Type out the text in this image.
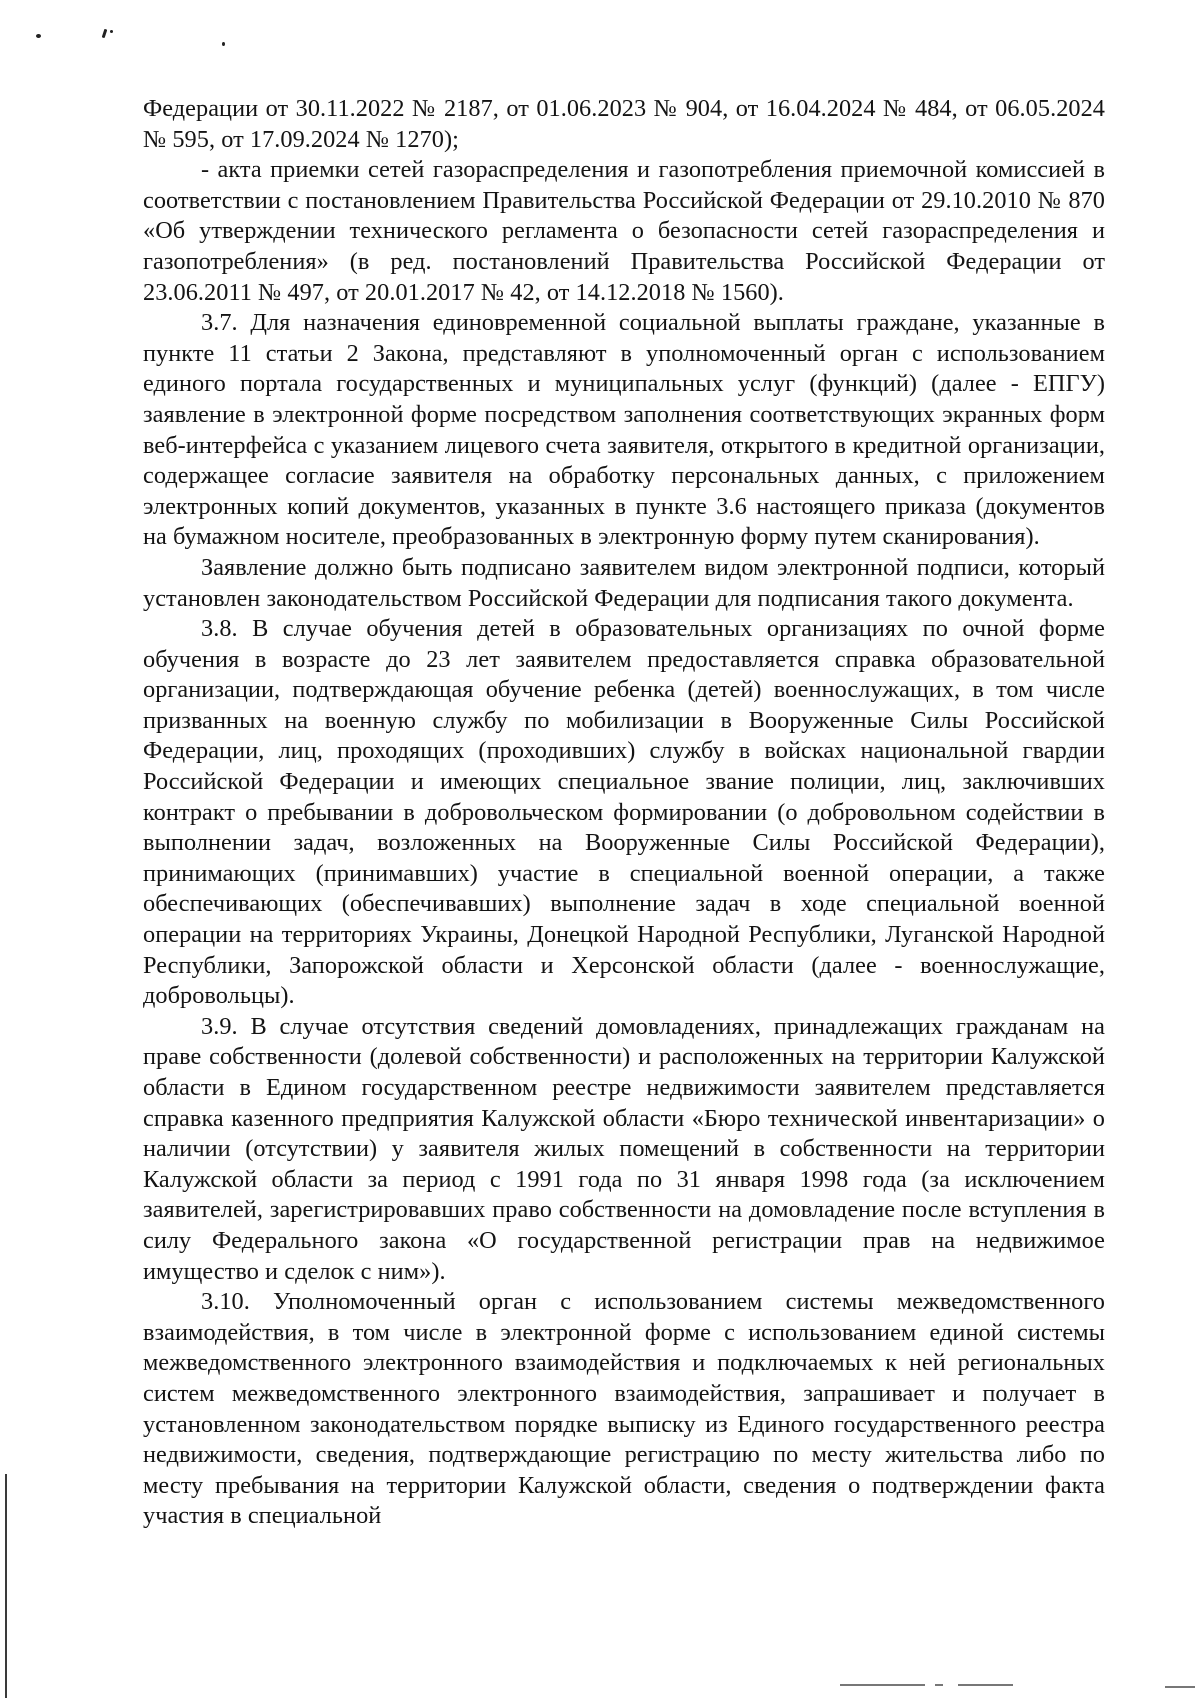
Федерации от 30.11.2022 № 2187, от 01.06.2023 № 904, от 16.04.2024 № 484, от 06.05.2024 № 595, от 17.09.2024 № 1270);

- акта приемки сетей газораспределения и газопотребления приемочной комиссией в соответствии с постановлением Правительства Российской Федерации от 29.10.2010 № 870 «Об утверждении технического регламента о безопасности сетей газораспределения и газопотребления» (в ред. постановлений Правительства Российской Федерации от 23.06.2011 № 497, от 20.01.2017 № 42, от 14.12.2018 № 1560).

3.7. Для назначения единовременной социальной выплаты граждане, указанные в пункте 11 статьи 2 Закона, представляют в уполномоченный орган с использованием единого портала государственных и муниципальных услуг (функций) (далее - ЕПГУ) заявление в электронной форме посредством заполнения соответствующих экранных форм веб-интерфейса с указанием лицевого счета заявителя, открытого в кредитной организации, содержащее согласие заявителя на обработку персональных данных, с приложением электронных копий документов, указанных в пункте 3.6 настоящего приказа (документов на бумажном носителе, преобразованных в электронную форму путем сканирования).

Заявление должно быть подписано заявителем видом электронной подписи, который установлен законодательством Российской Федерации для подписания такого документа.

3.8. В случае обучения детей в образовательных организациях по очной форме обучения в возрасте до 23 лет заявителем предоставляется справка образовательной организации, подтверждающая обучение ребенка (детей) военнослужащих, в том числе призванных на военную службу по мобилизации в Вооруженные Силы Российской Федерации, лиц, проходящих (проходивших) службу в войсках национальной гвардии Российской Федерации и имеющих специальное звание полиции, лиц, заключивших контракт о пребывании в добровольческом формировании (о добровольном содействии в выполнении задач, возложенных на Вооруженные Силы Российской Федерации), принимающих (принимавших) участие в специальной военной операции, а также обеспечивающих (обеспечивавших) выполнение задач в ходе специальной военной операции на территориях Украины, Донецкой Народной Республики, Луганской Народной Республики, Запорожской области и Херсонской области (далее - военнослужащие, добровольцы).

3.9. В случае отсутствия сведений домовладениях, принадлежащих гражданам на праве собственности (долевой собственности) и расположенных на территории Калужской области в Едином государственном реестре недвижимости заявителем представляется справка казенного предприятия Калужской области «Бюро технической инвентаризации» о наличии (отсутствии) у заявителя жилых помещений в собственности на территории Калужской области за период с 1991 года по 31 января 1998 года (за исключением заявителей, зарегистрировавших право собственности на домовладение после вступления в силу Федерального закона «О государственной регистрации прав на недвижимое имущество и сделок с ним»).

3.10. Уполномоченный орган с использованием системы межведомственного взаимодействия, в том числе в электронной форме с использованием единой системы межведомственного электронного взаимодействия и подключаемых к ней региональных систем межведомственного электронного взаимодействия, запрашивает и получает в установленном законодательством порядке выписку из Единого государственного реестра недвижимости, сведения, подтверждающие регистрацию по месту жительства либо по месту пребывания на территории Калужской области, сведения о подтверждении факта участия в специальной
